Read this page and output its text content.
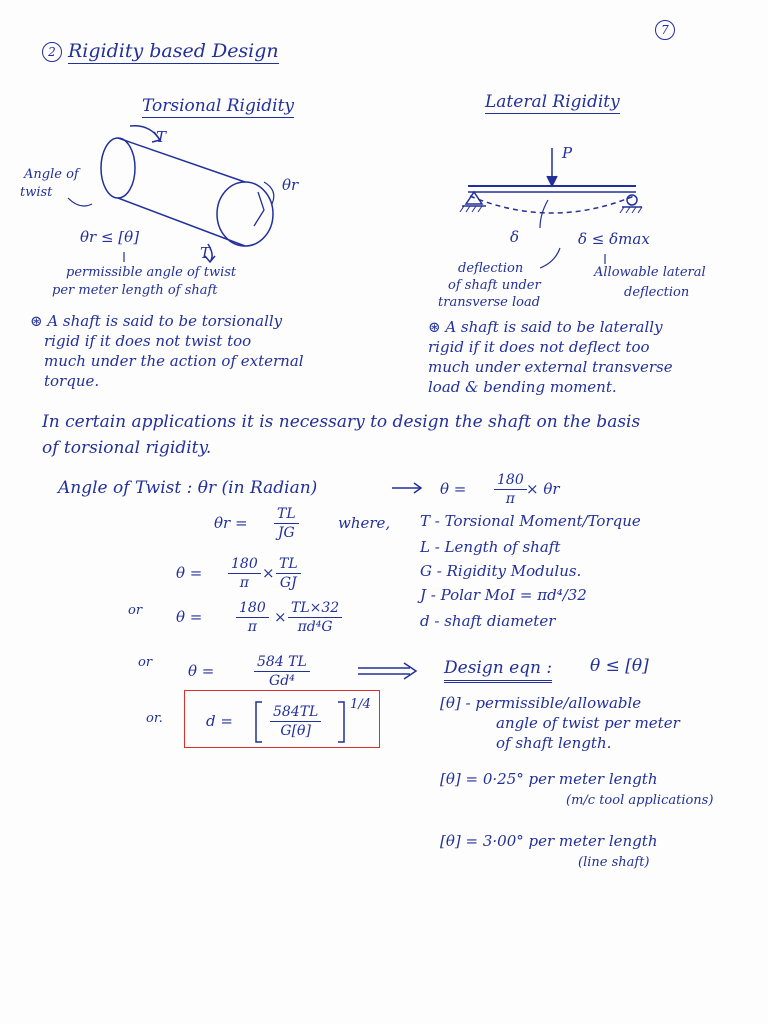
7
2 Rigidity based Design
Torsional Rigidity	Lateral Rigidity
T
T
θr
Angle of
twist
θr ≤ [θ]
permissible angle of twist
per meter length of shaft
⊛ A shaft is said to be torsionally
rigid if it does not twist too
much under the action of external
torque.
P
δ	δ ≤ δmax
deflection
of shaft under
transverse load
Allowable lateral
deflection
⊛ A shaft is said to be laterally
rigid if it does not deflect too
much under external transverse
load & bending moment.
In certain applications it is necessary to design the shaft on the basis
of torsional rigidity.
Angle of Twist : θr (in Radian)	$\theta = \frac{180}{\pi} \times \theta r$
$\theta r = \frac{TL}{JG}$	where, T - Torsional Moment/Torque
L - Length of shaft
G - Rigidity Modulus.
J - Polar MoI = πd⁴/32
d - shaft diameter
$\theta = \frac{180}{\pi} \times \frac{TL}{GJ}$
or $\theta = \frac{180}{\pi} \times \frac{TL\times 32}{\text{πd⁴G}}$
or θ =	$\frac{584 TL}{\text{Gd⁴}}$	Design eqn : θ ≤ [θ]
or.	d =	$\frac{584TL}{G[\theta]} 1/4$	[θ] - permissible/allowable
angle of twist per meter
of shaft length.
[θ] = 0·25° per meter length
(m/c tool applications)
[θ] = 3·00° per meter length
(line shaft)
